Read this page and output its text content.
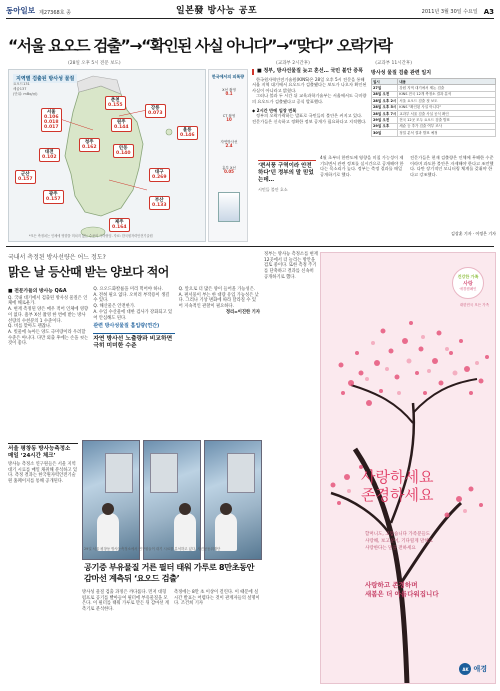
동아일보 제27368호 종	일본發 방사능 공포	2011년 3월 30일 수요일 A3
“서울 요오드 검출”→“확인된 사실 아니다”→“맞다” 오락가락
(28일 오후 5시 전문 보도)	(교과부 2시간후)	(교과부 11시간후)
지역별 검출된 방사성 물질
요오드131
세슘137
(단위: mBq/㎥)
춘천
0.155
서울
0.106
0.018
0.017
강릉
0.073
청주
0.162
대전
0.102
대구
0.269
부산
0.133
광주
0.157
군산
0.157
제주
0.164
울릉
0.146
안동
0.140
원주
0.144
*모든 측정치는 인체에 영향을 미치지 않는 수준의 극미량임. 자료: 한국원자력안전기술원
한국에서의 피폭량
X선 촬영
0.1
CT 촬영
10
자연방사선
2.4
흉부 X선
0.05
■ 정부, 방사선물질 늦고 혼선… 국민 불안 증폭

한국원자력안전기술원(KINS)은 28일 오후 5시 전문을 통해 서울 지역 대기에서 요오드가 검출됐다는 보도가 나오자 확인된 사실이 아니라고 밝혔다.

그러나 불과 두 시간 뒤 교육과학기술부는 서울에서도 극미량의 요오드가 검출됐다고 공식 발표했다.

◆ 2시간 만에 입장 번복

정부의 오락가락하는 발표로 국민들의 불안은 커지고 있다. 전문가들은 신속하고 정확한 정보 공개가 필요하다고 지적했다.

방사성 물질 검출 관련 일지
일시	내용
27일	강원 지역 대기에서 제논 검출
28일 오전	KINS 전국 12개 측정소 결과 분석
28일 오후 2시	서울 요오드 검출 첫 보도
28일 오후 5시	KINS "확인된 사실 아니다"
28일 오후 7시	교과부 서울 검출 사실 공식 확인
29일 오전	전국 12곳 모두 요오드 검출 발표
29일 오후	세슘 등 추가 검출 여부 조사
30일	정밀 분석 결과 발표 예정
‘편서풍 구역이라 안전하다’던 정부의 말 믿었는데…
시민들 불안 호소
4월 초부터 한반도에 영향을 미칠 가능성이 제기되면서 관련 정보를 실시간으로 공개해야 한다는 목소리가 높다. 정부는 측정 결과를 매일 공개하기로 했다.
전문가들은 현재 검출량은 인체에 무해한 수준이라며 과도한 불안은 자제해야 한다고 조언했다. 다만 장기적인 모니터링 체계를 갖춰야 한다고 강조했다.
김상훈 기자 · 이정은 기자
국내서 측정된 방사선량은 어느 정도?
맑은 날 등산때 받는 양보다 적어
■ 전문가들의 방사능 Q&A

Q. 국내 대기에서 검출된 방사성 물질은 인체에 해로운가.

A. 현재 측정된 양은 매우 적어 인체에 영향이 없다. 흉부 X선 촬영 한 번에 받는 방사선량의 수천분의 1 수준이다.

Q. 비를 맞아도 괜찮나.

A. 빗물에 녹아든 양도 극미량이라 우려할 수준은 아니다. 다만 외출 후에는 손을 씻는 것이 좋다.

Q. 요오드화칼륨을 미리 먹어야 하나.

A. 전혀 필요 없다. 오히려 부작용이 생길 수 있다.

Q. 해산물은 안전한가.

A. 수입 수산물에 대한 검사가 강화되고 있어 안심해도 된다.

관련 방사성물질 흡입량(연간)
자연 방사선 노출량과 비교하면 극히 미미한 수준

Q. 앞으로 더 많은 양이 들어올 가능성은.

A. 편서풍이 부는 한 대량 유입 가능성은 낮다. 그러나 기상 변화에 따라 달라질 수 있어 지속적인 관찰이 필요하다.

정리=이진한 기자

정부는 방사능 측정소를 현재 12곳에서 더 늘리는 방안을 검토 중이다. 또한 측정 주기를 단축하고 결과를 신속히 공개하기로 했다.
서울 평창동 방사능측정소
매일 ‘24시간 체크’

방사능 측정소 연구원들은 서울 지역 대기 시료를 매일 채취해 분석하고 있다. 측정 결과는 한국원자력안전기술원 홈페이지를 통해 공개된다.

29일 서울 평창동 방사능측정소에서 연구원들이 대기 시료를 분석하고 있다. 사진공동취재단
공기중 부유물질 거른 필터 태워 가루로 8만초동안 감마선 계측뒤 ‘요오드 검출’
방사성 물질 검출 과정은 까다롭다. 먼저 대형 펌프로 공기를 빨아들여 필터에 부유물질을 모은다. 이 필터를 태워 가루로 만든 뒤 감마선 계측기로 분석한다.
측정에는 8만 초 이상이 걸린다. 이 때문에 실시간 발표는 어렵다는 것이 관계자들의 설명이다. 조건희 기자
건강한 가족
사랑
애경캠페인
대한민국 모든 가족
사랑하세요
존경하세요
할머니도, 고맙습니다 가족분들도
사랑해, 보고싶어, 기다릴게 말해요
사랑한다는 말을 전하세요
사랑하고 존경하며
새봄은 더 아름다워집니다
AK 애경
